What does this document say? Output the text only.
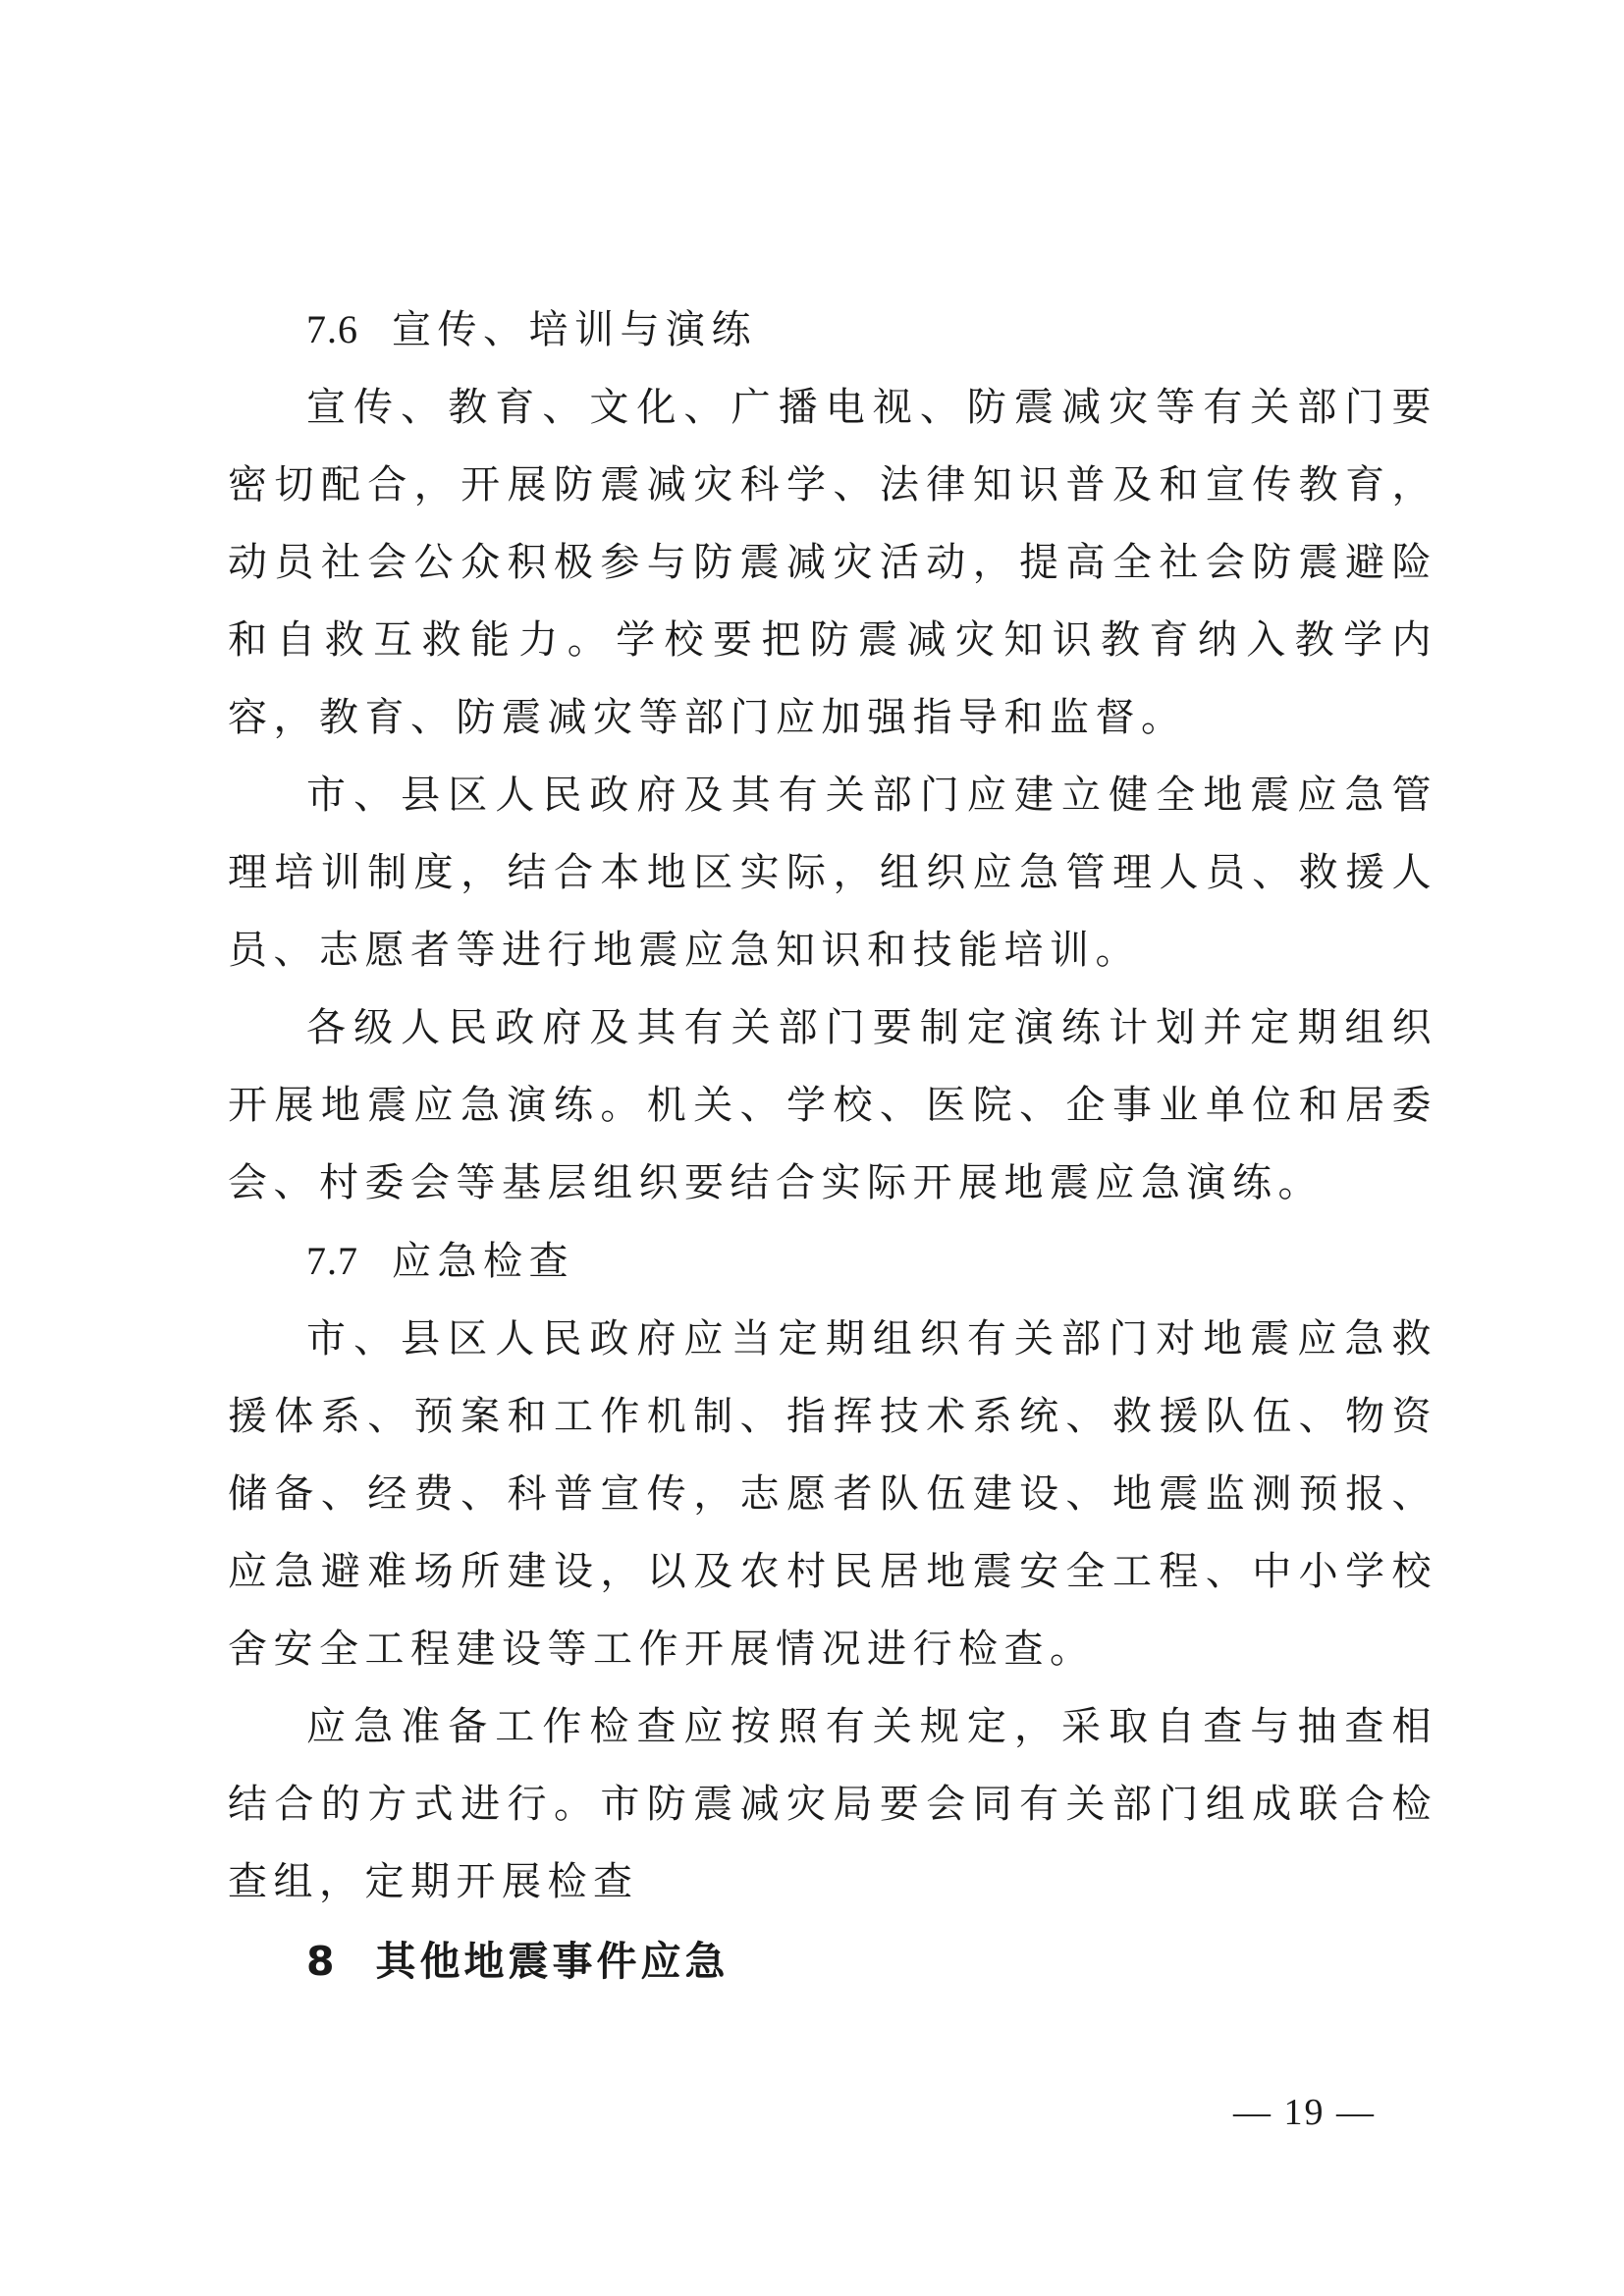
7.6 宣传、培训与演练

宣传、教育、文化、广播电视、防震减灾等有关部门要密切配合，开展防震减灾科学、法律知识普及和宣传教育，动员社会公众积极参与防震减灾活动，提高全社会防震避险和自救互救能力。学校要把防震减灾知识教育纳入教学内容，教育、防震减灾等部门应加强指导和监督。

市、县区人民政府及其有关部门应建立健全地震应急管理培训制度，结合本地区实际，组织应急管理人员、救援人员、志愿者等进行地震应急知识和技能培训。

各级人民政府及其有关部门要制定演练计划并定期组织开展地震应急演练。机关、学校、医院、企事业单位和居委会、村委会等基层组织要结合实际开展地震应急演练。

7.7 应急检查

市、县区人民政府应当定期组织有关部门对地震应急救援体系、预案和工作机制、指挥技术系统、救援队伍、物资储备、经费、科普宣传，志愿者队伍建设、地震监测预报、应急避难场所建设，以及农村民居地震安全工程、中小学校舍安全工程建设等工作开展情况进行检查。

应急准备工作检查应按照有关规定，采取自查与抽查相结合的方式进行。市防震减灾局要会同有关部门组成联合检查组，定期开展检查

8 其他地震事件应急
— 19 —
